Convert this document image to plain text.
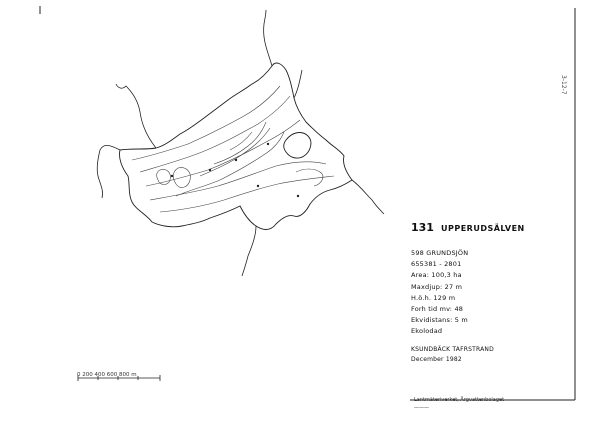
0 200 400 600 800 m
3-12-7
131 UPPERUDSÄLVEN
598 GRUNDSJÖN
655381 - 2801
Area: 100,3 ha
Maxdjup: 27 m
H.ö.h. 129 m
Forh tid mv: 48
Ekvidistans: 5 m
Ekolodad
KSUNDBÄCK TAFRSTRAND
December 1982
Lantmäteriverket, Ärgvattenbolaget
———
